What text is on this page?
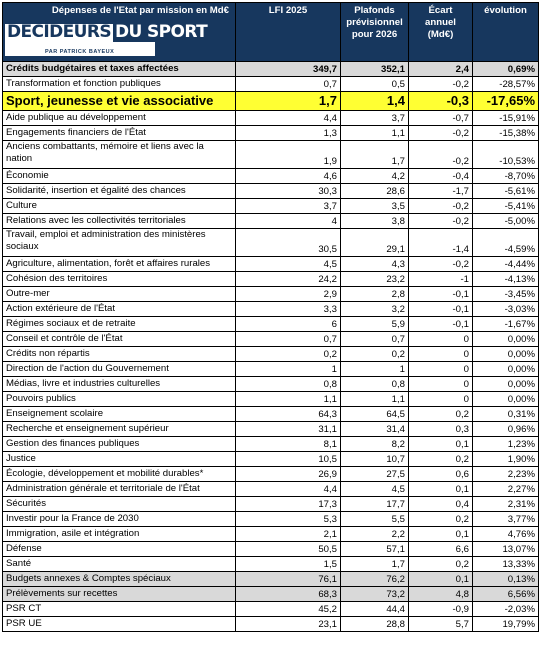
Dépenses de l'Etat par mission en Md€
DÉCIDEURS DU SPORT
PAR PATRICK BAYEUX	LFI 2025	Plafonds prévisionnel pour 2026	Écart annuel (Md€)	évolution
Crédits budgétaires et taxes affectées	349,7	352,1	2,4	0,69%
Transformation et fonction publiques	0,7	0,5	-0,2	-28,57%
Sport, jeunesse et vie associative	1,7	1,4	-0,3	-17,65%
Aide publique au développement	4,4	3,7	-0,7	-15,91%
Engagements financiers de l'État	1,3	1,1	-0,2	-15,38%
Anciens combattants, mémoire et liens avec la nation	1,9	1,7	-0,2	-10,53%
Économie	4,6	4,2	-0,4	-8,70%
Solidarité, insertion et égalité des chances	30,3	28,6	-1,7	-5,61%
Culture	3,7	3,5	-0,2	-5,41%
Relations avec les collectivités territoriales	4	3,8	-0,2	-5,00%
Travail, emploi et administration des ministères sociaux	30,5	29,1	-1,4	-4,59%
Agriculture, alimentation, forêt et affaires rurales	4,5	4,3	-0,2	-4,44%
Cohésion des territoires	24,2	23,2	-1	-4,13%
Outre-mer	2,9	2,8	-0,1	-3,45%
Action extérieure de l'État	3,3	3,2	-0,1	-3,03%
Régimes sociaux et de retraite	6	5,9	-0,1	-1,67%
Conseil et contrôle de l'État	0,7	0,7	0	0,00%
Crédits non répartis	0,2	0,2	0	0,00%
Direction de l'action du Gouvernement	1	1	0	0,00%
Médias, livre et industries culturelles	0,8	0,8	0	0,00%
Pouvoirs publics	1,1	1,1	0	0,00%
Enseignement scolaire	64,3	64,5	0,2	0,31%
Recherche et enseignement supérieur	31,1	31,4	0,3	0,96%
Gestion des finances publiques	8,1	8,2	0,1	1,23%
Justice	10,5	10,7	0,2	1,90%
Écologie, développement et mobilité durables*	26,9	27,5	0,6	2,23%
Administration générale et territoriale de l'État	4,4	4,5	0,1	2,27%
Sécurités	17,3	17,7	0,4	2,31%
Investir pour la France de 2030	5,3	5,5	0,2	3,77%
Immigration, asile et intégration	2,1	2,2	0,1	4,76%
Défense	50,5	57,1	6,6	13,07%
Santé	1,5	1,7	0,2	13,33%
Budgets annexes & Comptes spéciaux	76,1	76,2	0,1	0,13%
Prélèvements sur recettes	68,3	73,2	4,8	6,56%
PSR CT	45,2	44,4	-0,9	-2,03%
PSR UE	23,1	28,8	5,7	19,79%
